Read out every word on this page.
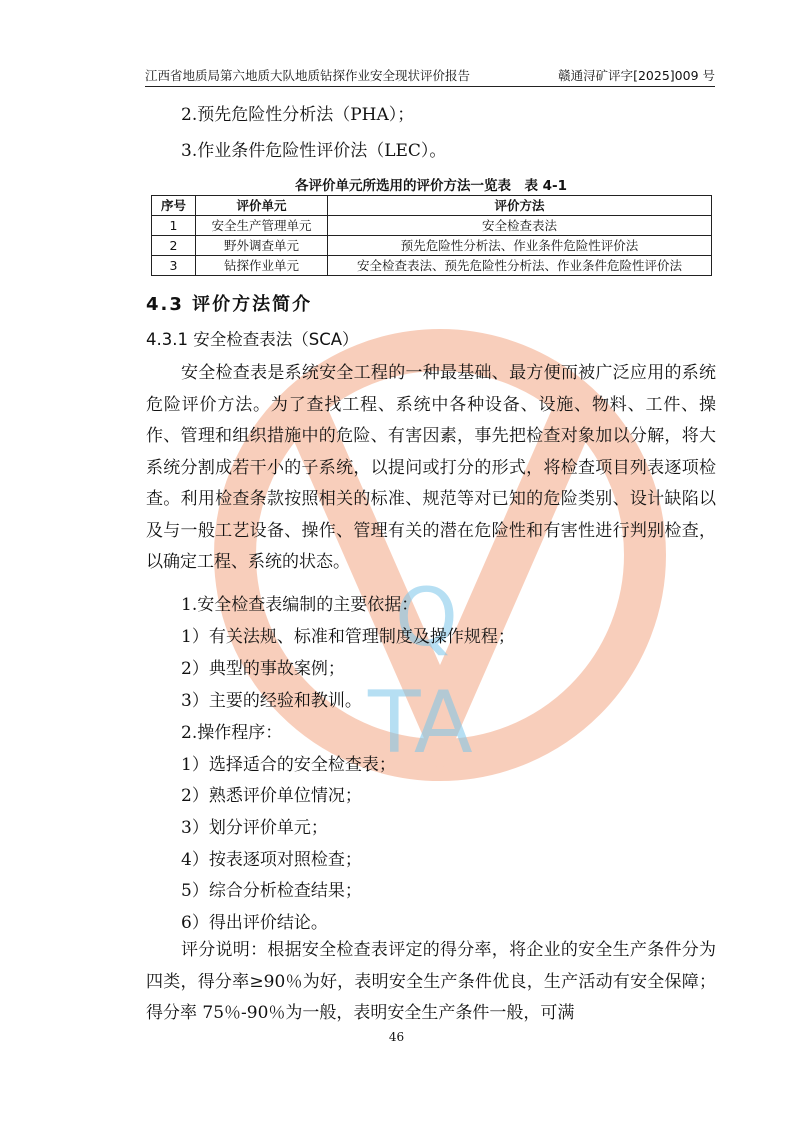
Q
TA
江西省地质局第六地质大队地质钻探作业安全现状评价报告	赣通浔矿评字[2025]009 号
2.预先危险性分析法（PHA）；
3.作业条件危险性评价法（LEC）。
各评价单元所选用的评价方法一览表　表 4-1
序号	评价单元	评价方法
1	安全生产管理单元	安全检查表法
2	野外调查单元	预先危险性分析法、作业条件危险性评价法
3	钻探作业单元	安全检查表法、预先危险性分析法、作业条件危险性评价法
4.3 评价方法简介
4.3.1 安全检查表法（SCA）

安全检查表是系统安全工程的一种最基础、最方便而被广泛应用的系统危险评价方法。为了查找工程、系统中各种设备、设施、物料、工件、操作、管理和组织措施中的危险、有害因素，事先把检查对象加以分解，将大系统分割成若干小的子系统，以提问或打分的形式，将检查项目列表逐项检查。利用检查条款按照相关的标准、规范等对已知的危险类别、设计缺陷以及与一般工艺设备、操作、管理有关的潜在危险性和有害性进行判别检查，以确定工程、系统的状态。

1.安全检查表编制的主要依据：
1）有关法规、标准和管理制度及操作规程；
2）典型的事故案例；
3）主要的经验和教训。
2.操作程序：
1）选择适合的安全检查表；
2）熟悉评价单位情况；
3）划分评价单元；
4）按表逐项对照检查；
5）综合分析检查结果；
6）得出评价结论。

评分说明：根据安全检查表评定的得分率，将企业的安全生产条件分为四类，得分率≥90％为好，表明安全生产条件优良，生产活动有安全保障；得分率 75％-90％为一般，表明安全生产条件一般，可满

46
